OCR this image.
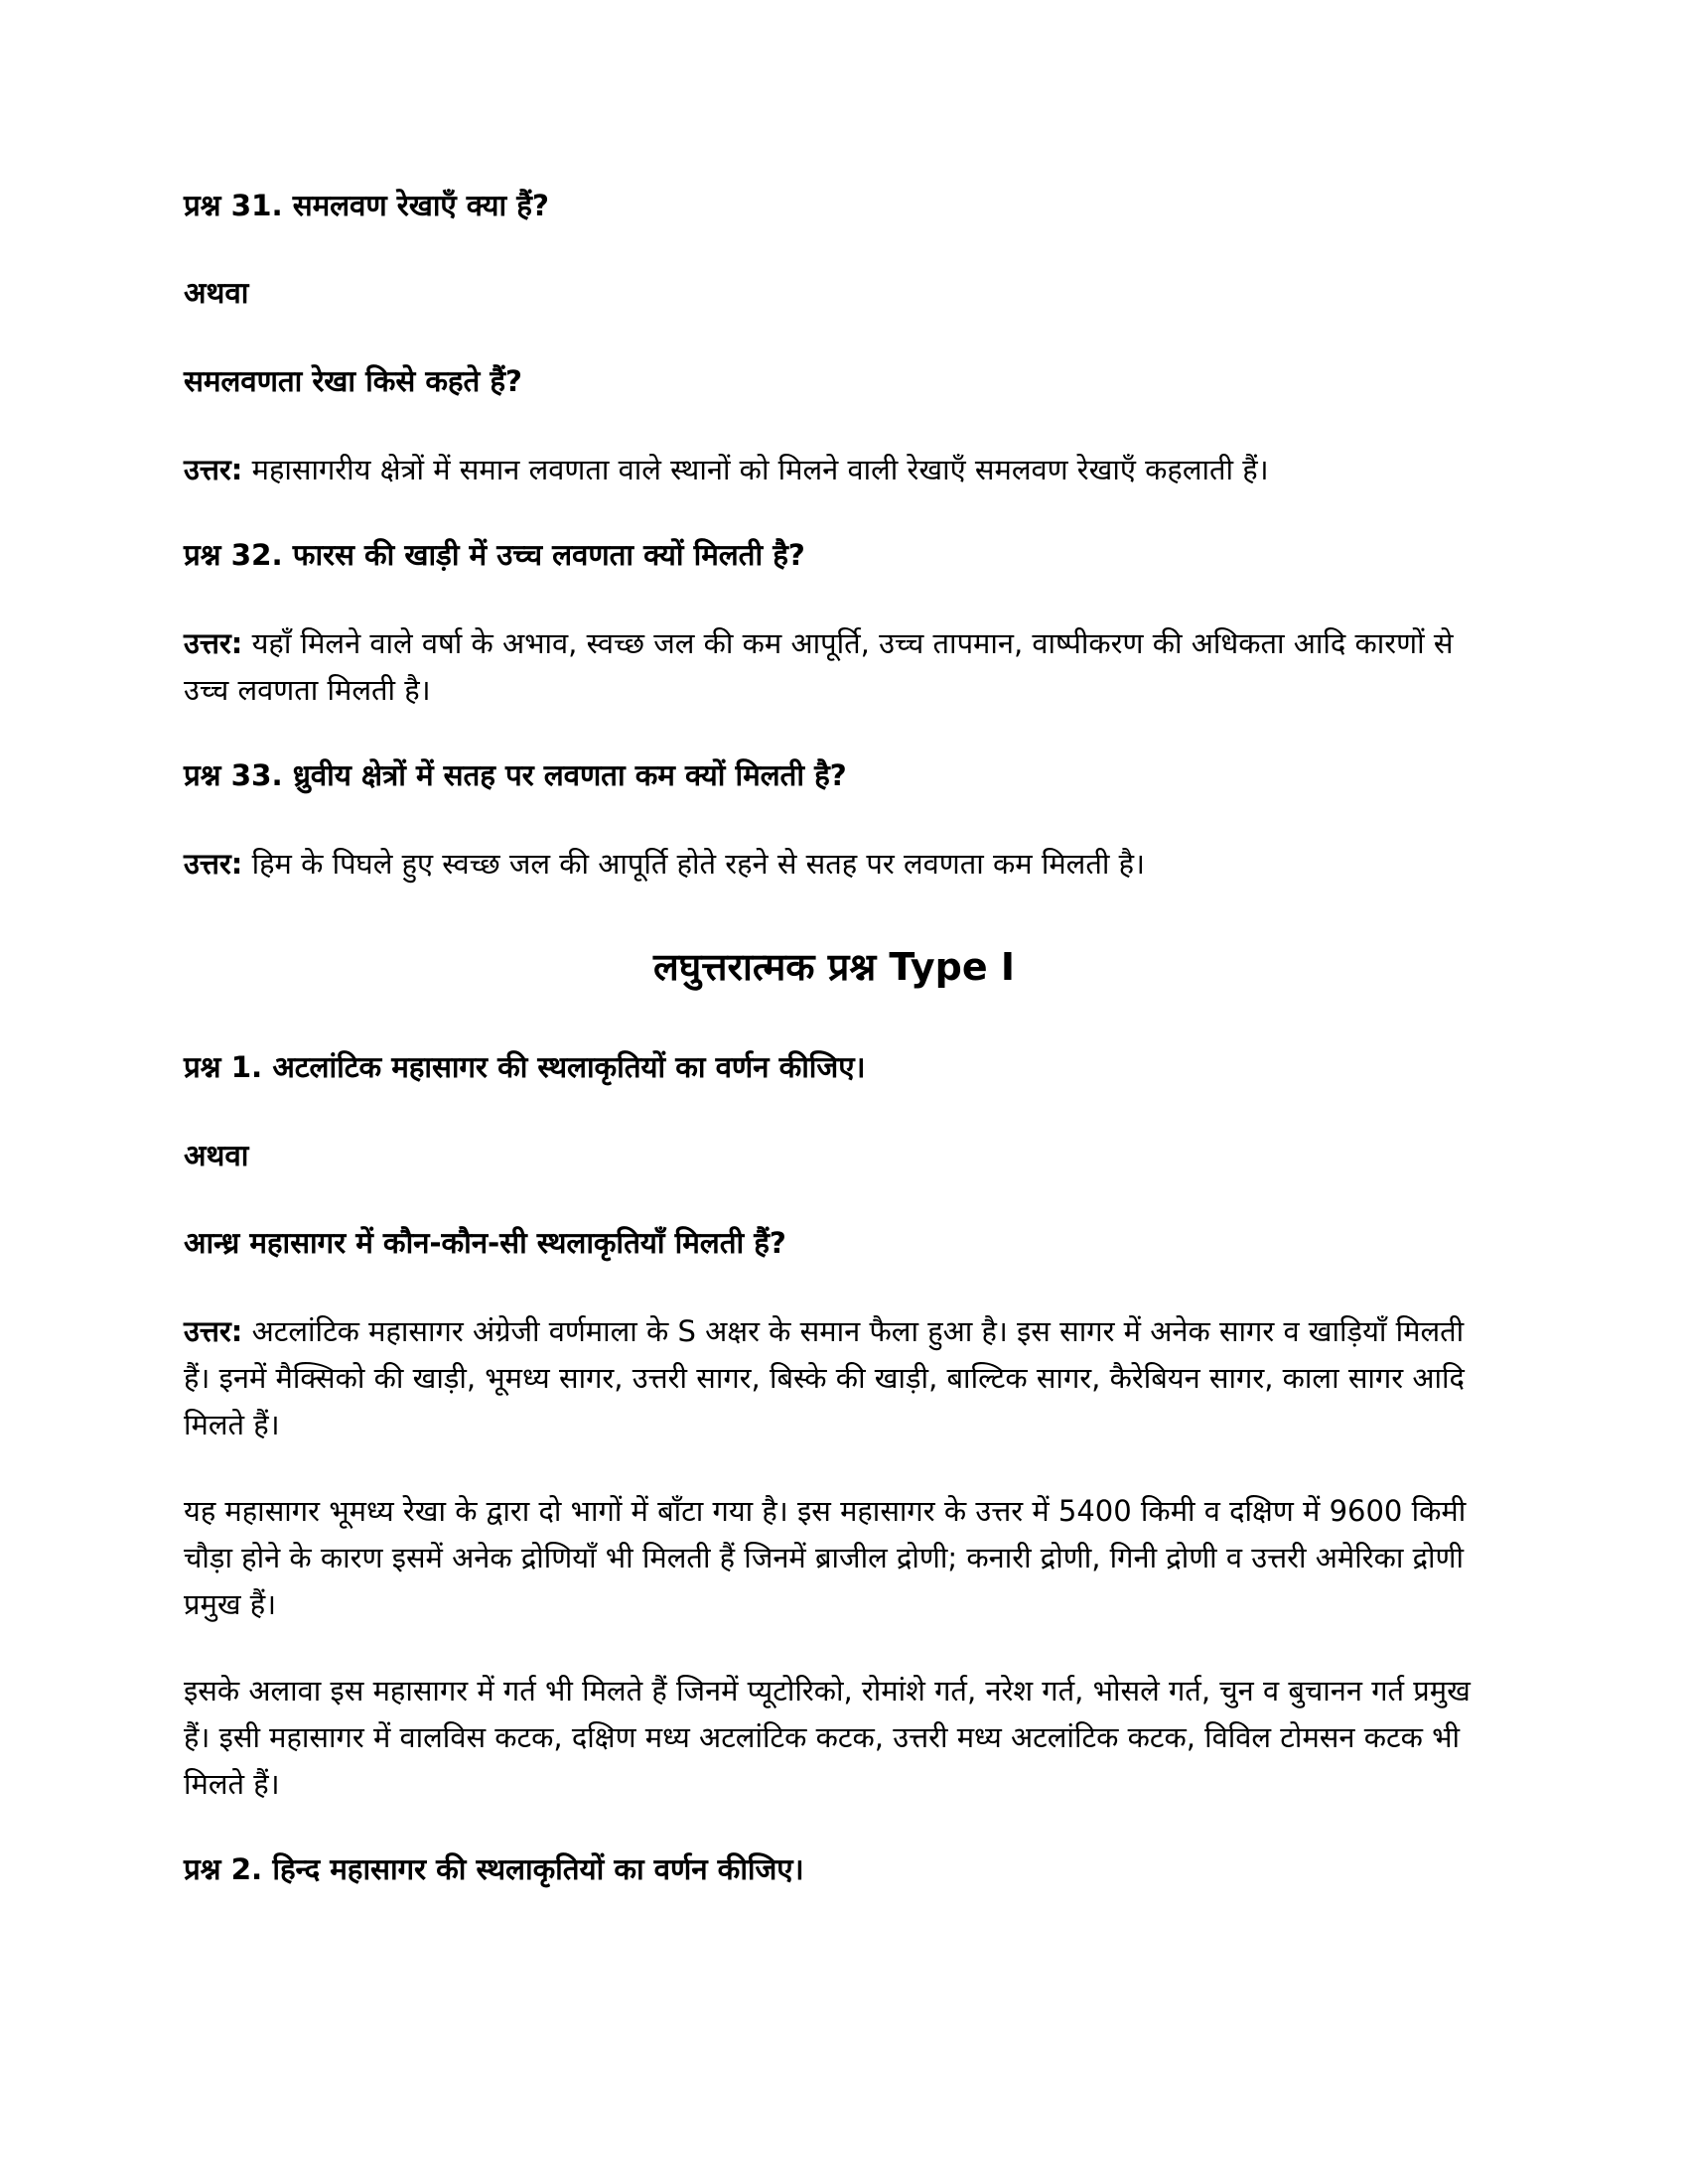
प्रश्न 31. समलवण रेखाएँ क्या हैं?

अथवा

समलवणता रेखा किसे कहते हैं?

उत्तर: महासागरीय क्षेत्रों में समान लवणता वाले स्थानों को मिलने वाली रेखाएँ समलवण रेखाएँ कहलाती हैं।

प्रश्न 32. फारस की खाड़ी में उच्च लवणता क्यों मिलती है?

उत्तर: यहाँ मिलने वाले वर्षा के अभाव, स्वच्छ जल की कम आपूर्ति, उच्च तापमान, वाष्पीकरण की अधिकता आदि कारणों से उच्च लवणता मिलती है।

प्रश्न 33. ध्रुवीय क्षेत्रों में सतह पर लवणता कम क्यों मिलती है?

उत्तर: हिम के पिघले हुए स्वच्छ जल की आपूर्ति होते रहने से सतह पर लवणता कम मिलती है।

लघुत्तरात्मक प्रश्न Type I

प्रश्न 1. अटलांटिक महासागर की स्थलाकृतियों का वर्णन कीजिए।

अथवा

आन्ध्र महासागर में कौन-कौन-सी स्थलाकृतियाँ मिलती हैं?

उत्तर: अटलांटिक महासागर अंग्रेजी वर्णमाला के S अक्षर के समान फैला हुआ है। इस सागर में अनेक सागर व खाड़ियाँ मिलती हैं। इनमें मैक्सिको की खाड़ी, भूमध्य सागर, उत्तरी सागर, बिस्के की खाड़ी, बाल्टिक सागर, कैरेबियन सागर, काला सागर आदि मिलते हैं।

यह महासागर भूमध्य रेखा के द्वारा दो भागों में बाँटा गया है। इस महासागर के उत्तर में 5400 किमी व दक्षिण में 9600 किमी चौड़ा होने के कारण इसमें अनेक द्रोणियाँ भी मिलती हैं जिनमें ब्राजील द्रोणी; कनारी द्रोणी, गिनी द्रोणी व उत्तरी अमेरिका द्रोणी प्रमुख हैं।

इसके अलावा इस महासागर में गर्त भी मिलते हैं जिनमें प्यूटोरिको, रोमांशे गर्त, नरेश गर्त, भोसले गर्त, चुन व बुचानन गर्त प्रमुख हैं। इसी महासागर में वालविस कटक, दक्षिण मध्य अटलांटिक कटक, उत्तरी मध्य अटलांटिक कटक, विविल टोमसन कटक भी मिलते हैं।

प्रश्न 2. हिन्द महासागर की स्थलाकृतियों का वर्णन कीजिए।
